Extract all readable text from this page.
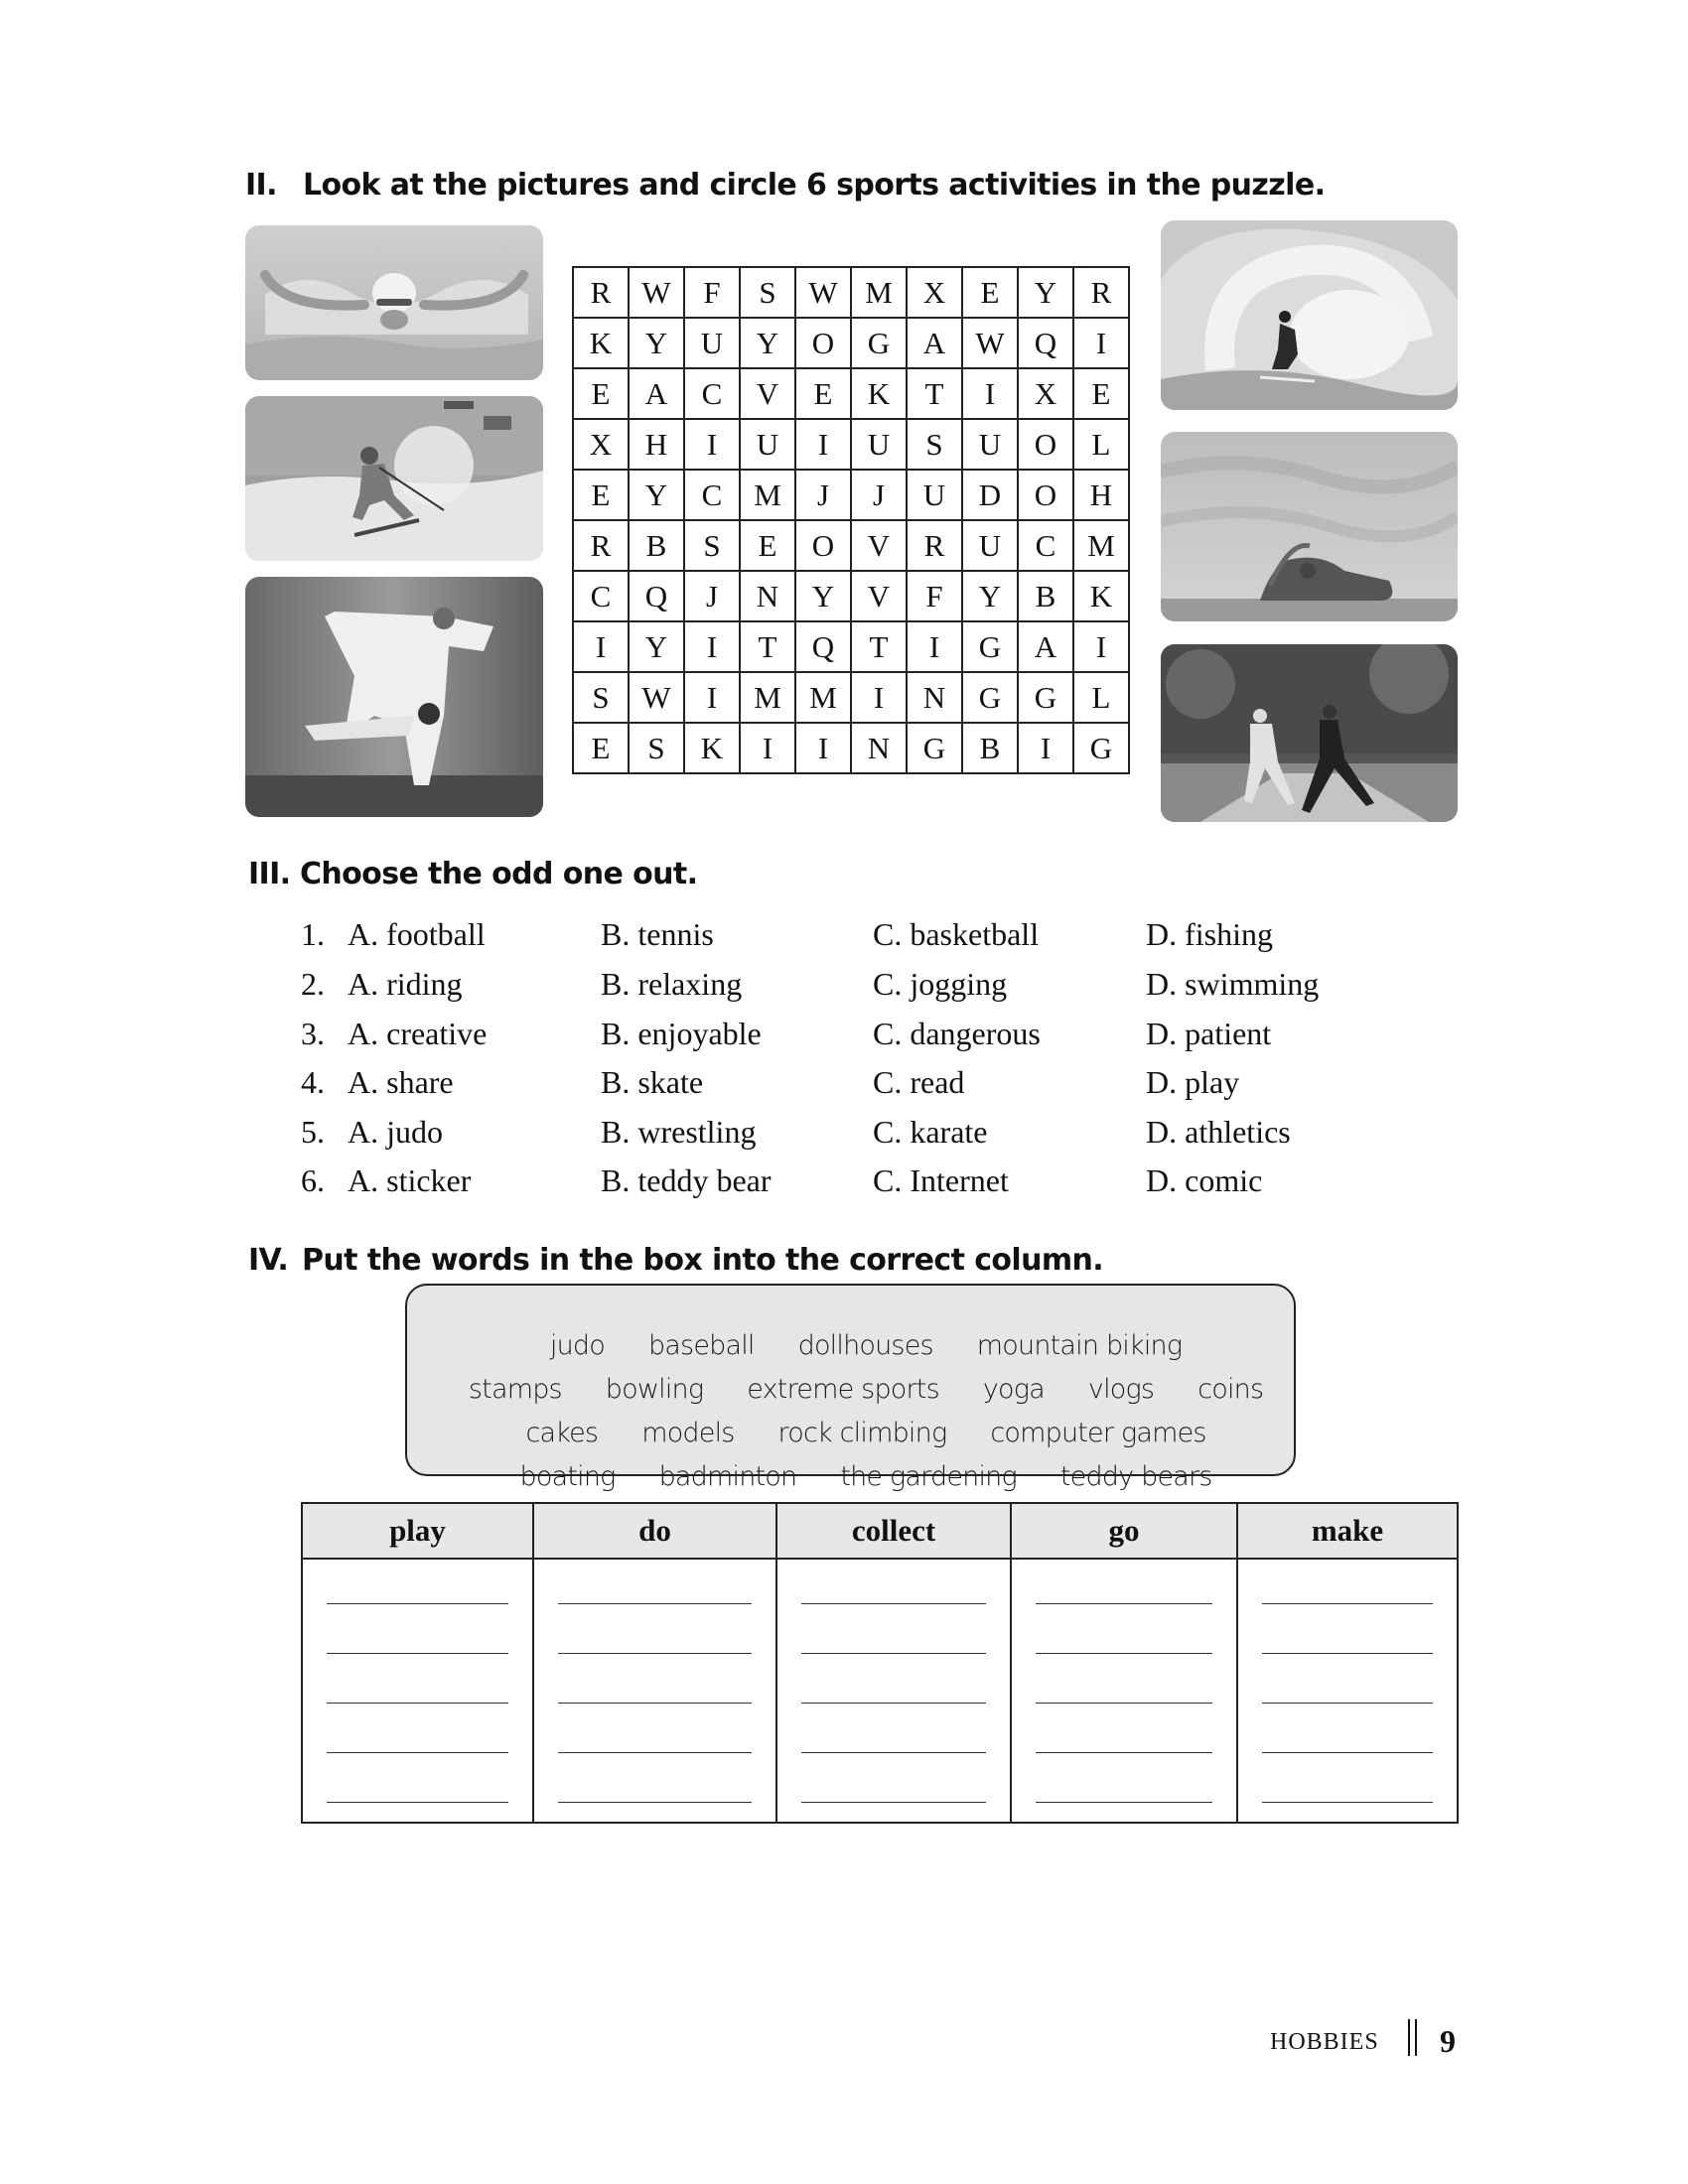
II. Look at the pictures and circle 6 sports activities in the puzzle.
R	W	F	S	W	M	X	E	Y	R
K	Y	U	Y	O	G	A	W	Q	I
E	A	C	V	E	K	T	I	X	E
X	H	I	U	I	U	S	U	O	L
E	Y	C	M	J	J	U	D	O	H
R	B	S	E	O	V	R	U	C	M
C	Q	J	N	Y	V	F	Y	B	K
I	Y	I	T	Q	T	I	G	A	I
S	W	I	M	M	I	N	G	G	L
E	S	K	I	I	N	G	B	I	G
III. Choose the odd one out.
1. A. football	B. tennis	C. basketball	D. fishing
2. A. riding	B. relaxing	C. jogging	D. swimming
3. A. creative	B. enjoyable	C. dangerous	D. patient
4. A. share	B. skate	C. read	D. play
5. A. judo	B. wrestling	C. karate	D. athletics
6. A. sticker	B. teddy bear	C. Internet	D. comic
IV. Put the words in the box into the correct column.

judo baseball dollhouses mountain biking

stamps bowling extreme sports yoga vlogs coins

cakes models rock climbing computer games

boating badminton the gardening teddy bears

play	do	collect	go	make

HOBBIES 9
